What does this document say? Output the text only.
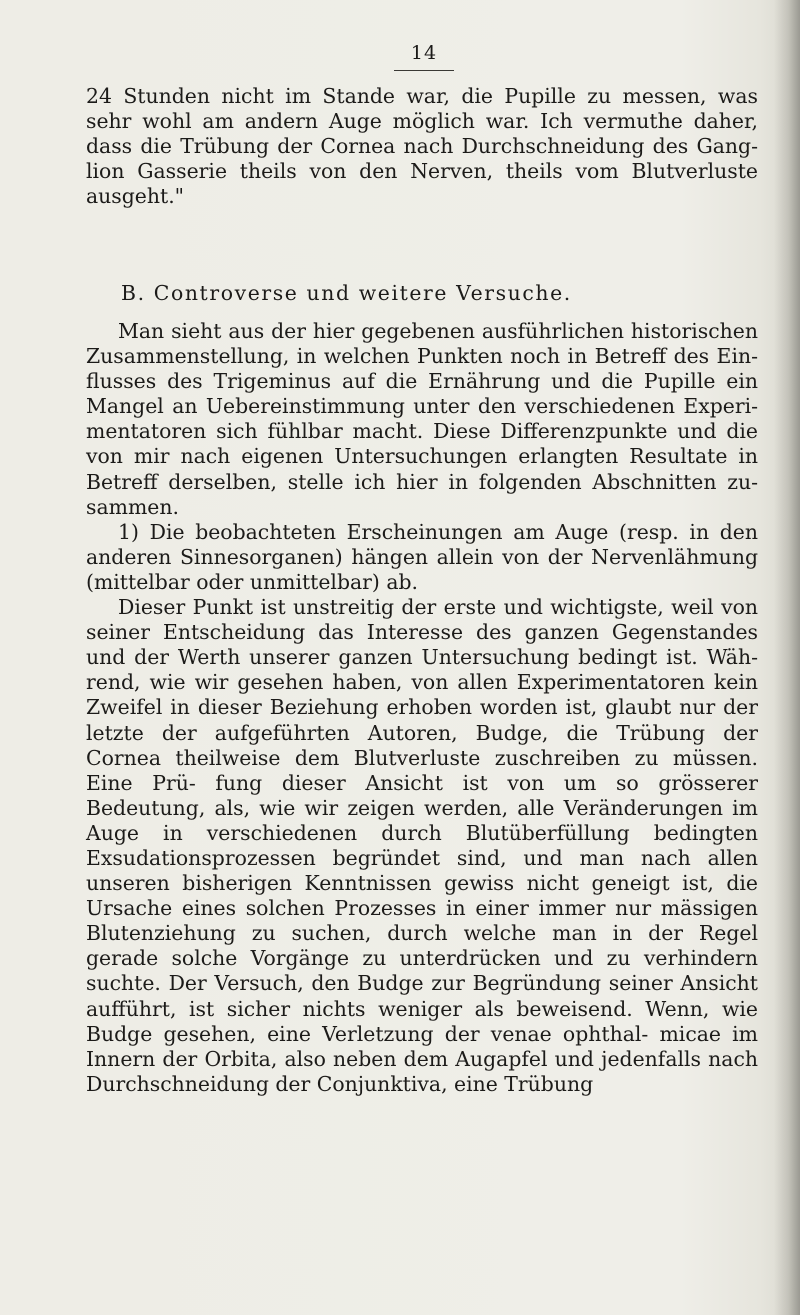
14

24 Stunden nicht im Stande war, die Pupille zu messen, was sehr wohl am andern Auge möglich war. Ich vermuthe daher, dass die Trübung der Cornea nach Durchschneidung des Gang- lion Gasserie theils von den Nerven, theils vom Blutverluste ausgeht."

B. Controverse und weitere Versuche.

Man sieht aus der hier gegebenen ausführlichen historischen Zusammenstellung, in welchen Punkten noch in Betreff des Ein- flusses des Trigeminus auf die Ernährung und die Pupille ein Mangel an Uebereinstimmung unter den verschiedenen Experi- mentatoren sich fühlbar macht. Diese Differenzpunkte und die von mir nach eigenen Untersuchungen erlangten Resultate in Betreff derselben, stelle ich hier in folgenden Abschnitten zu- sammen.

1) Die beobachteten Erscheinungen am Auge (resp. in den anderen Sinnesorganen) hängen allein von der Nervenlähmung (mittelbar oder unmittelbar) ab.

Dieser Punkt ist unstreitig der erste und wichtigste, weil von seiner Entscheidung das Interesse des ganzen Gegenstandes und der Werth unserer ganzen Untersuchung bedingt ist. Wäh- rend, wie wir gesehen haben, von allen Experimentatoren kein Zweifel in dieser Beziehung erhoben worden ist, glaubt nur der letzte der aufgeführten Autoren, Budge, die Trübung der Cornea theilweise dem Blutverluste zuschreiben zu müssen. Eine Prü- fung dieser Ansicht ist von um so grösserer Bedeutung, als, wie wir zeigen werden, alle Veränderungen im Auge in verschiedenen durch Blutüberfüllung bedingten Exsudationsprozessen begründet sind, und man nach allen unseren bisherigen Kenntnissen gewiss nicht geneigt ist, die Ursache eines solchen Prozesses in einer immer nur mässigen Blutenziehung zu suchen, durch welche man in der Regel gerade solche Vorgänge zu unterdrücken und zu verhindern suchte. Der Versuch, den Budge zur Begründung seiner Ansicht aufführt, ist sicher nichts weniger als beweisend. Wenn, wie Budge gesehen, eine Verletzung der venae ophthal- micae im Innern der Orbita, also neben dem Augapfel und jedenfalls nach Durchschneidung der Conjunktiva, eine Trübung
